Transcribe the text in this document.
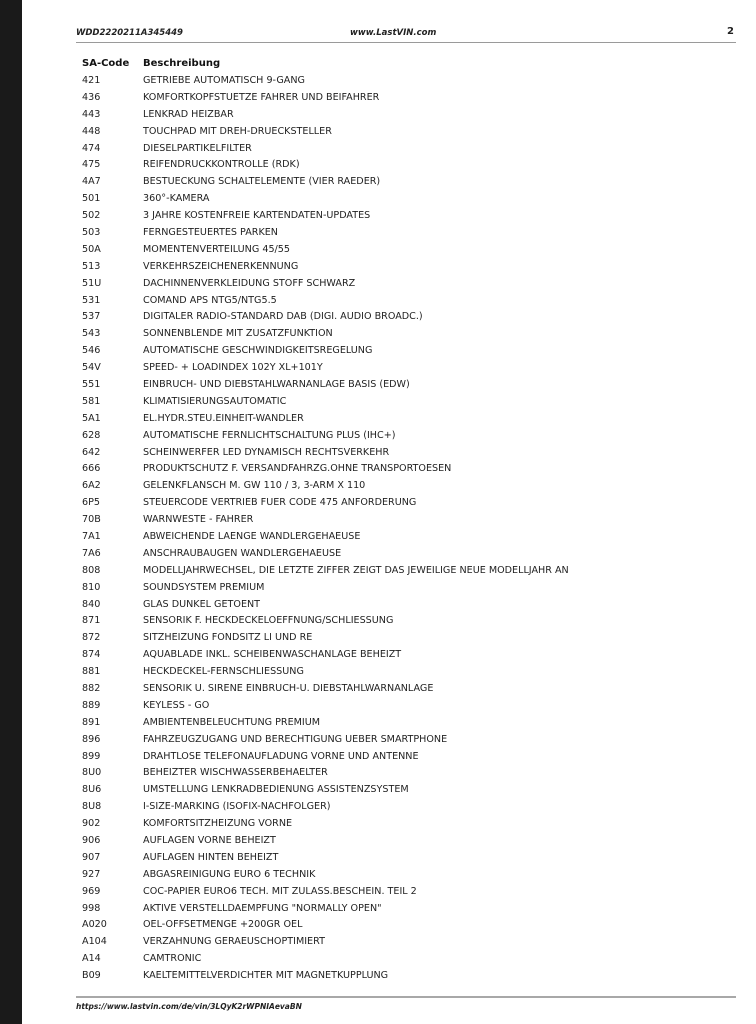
WDD2220211A345449	www.LastVIN.com	2
SA-Code	Beschreibung
421	GETRIEBE AUTOMATISCH 9-GANG
436	KOMFORTKOPFSTUETZE FAHRER UND BEIFAHRER
443	LENKRAD HEIZBAR
448	TOUCHPAD MIT DREH-DRUECKSTELLER
474	DIESELPARTIKELFILTER
475	REIFENDRUCKKONTROLLE (RDK)
4A7	BESTUECKUNG SCHALTELEMENTE (VIER RAEDER)
501	360°-KAMERA
502	3 JAHRE KOSTENFREIE KARTENDATEN-UPDATES
503	FERNGESTEUERTES PARKEN
50A	MOMENTENVERTEILUNG 45/55
513	VERKEHRSZEICHENERKENNUNG
51U	DACHINNENVERKLEIDUNG STOFF SCHWARZ
531	COMAND APS NTG5/NTG5.5
537	DIGITALER RADIO-STANDARD DAB (DIGI. AUDIO BROADC.)
543	SONNENBLENDE MIT ZUSATZFUNKTION
546	AUTOMATISCHE GESCHWINDIGKEITSREGELUNG
54V	SPEED- + LOADINDEX 102Y XL+101Y
551	EINBRUCH- UND DIEBSTAHLWARNANLAGE BASIS (EDW)
581	KLIMATISIERUNGSAUTOMATIC
5A1	EL.HYDR.STEU.EINHEIT-WANDLER
628	AUTOMATISCHE FERNLICHTSCHALTUNG PLUS (IHC+)
642	SCHEINWERFER LED DYNAMISCH RECHTSVERKEHR
666	PRODUKTSCHUTZ F. VERSANDFAHRZG.OHNE TRANSPORTOESEN
6A2	GELENKFLANSCH M. GW 110 / 3, 3-ARM X 110
6P5	STEUERCODE VERTRIEB FUER CODE 475 ANFORDERUNG
70B	WARNWESTE - FAHRER
7A1	ABWEICHENDE LAENGE WANDLERGEHAEUSE
7A6	ANSCHRAUBAUGEN WANDLERGEHAEUSE
808	MODELLJAHRWECHSEL, DIE LETZTE ZIFFER ZEIGT DAS JEWEILIGE NEUE MODELLJAHR AN
810	SOUNDSYSTEM PREMIUM
840	GLAS DUNKEL GETOENT
871	SENSORIK F. HECKDECKELOEFFNUNG/SCHLIESSUNG
872	SITZHEIZUNG FONDSITZ LI UND RE
874	AQUABLADE INKL. SCHEIBENWASCHANLAGE BEHEIZT
881	HECKDECKEL-FERNSCHLIESSUNG
882	SENSORIK U. SIRENE EINBRUCH-U. DIEBSTAHLWARNANLAGE
889	KEYLESS - GO
891	AMBIENTENBELEUCHTUNG PREMIUM
896	FAHRZEUGZUGANG UND BERECHTIGUNG UEBER SMARTPHONE
899	DRAHTLOSE TELEFONAUFLADUNG VORNE UND ANTENNE
8U0	BEHEIZTER WISCHWASSERBEHAELTER
8U6	UMSTELLUNG LENKRADBEDIENUNG ASSISTENZSYSTEM
8U8	I-SIZE-MARKING (ISOFIX-NACHFOLGER)
902	KOMFORTSITZHEIZUNG VORNE
906	AUFLAGEN VORNE BEHEIZT
907	AUFLAGEN HINTEN BEHEIZT
927	ABGASREINIGUNG EURO 6 TECHNIK
969	COC-PAPIER EURO6 TECH. MIT ZULASS.BESCHEIN. TEIL 2
998	AKTIVE VERSTELLDAEMPFUNG "NORMALLY OPEN"
A020	OEL-OFFSETMENGE +200GR OEL
A104	VERZAHNUNG GERAEUSCHOPTIMIERT
A14	CAMTRONIC
B09	KAELTEMITTELVERDICHTER MIT MAGNETKUPPLUNG
https://www.lastvin.com/de/vin/3LQyK2rWPNIAevaBN
